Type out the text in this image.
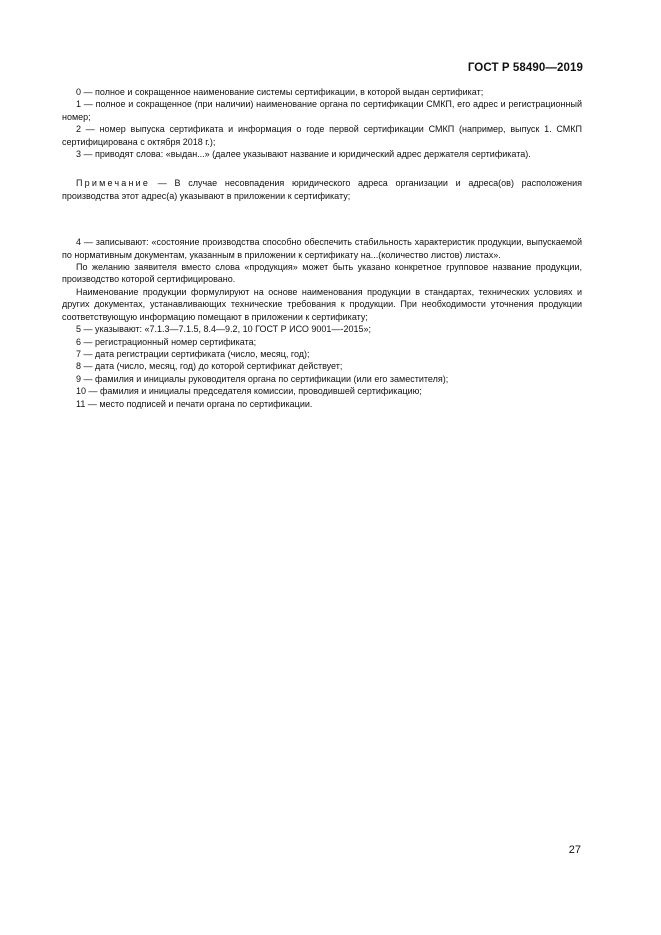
ГОСТ Р 58490—2019

0 — полное и сокращенное наименование системы сертификации, в которой выдан сертификат;

1 — полное и сокращенное (при наличии) наименование органа по сертификации СМКП, его адрес и регистрационный номер;

2 — номер выпуска сертификата и информация о годе первой сертификации СМКП (например, выпуск 1. СМКП сертифицирована с октября 2018 г.);

3 — приводят слова: «выдан...» (далее указывают название и юридический адрес держателя сертификата).

Примечание — В случае несовпадения юридического адреса организации и адреса(ов) расположения производства этот адрес(а) указывают в приложении к сертификату;

4 — записывают: «состояние производства способно обеспечить стабильность характеристик продукции, выпускаемой по нормативным документам, указанным в приложении к сертификату на...(количество листов) листах».

По желанию заявителя вместо слова «продукция» может быть указано конкретное групповое название продукции, производство которой сертифицировано.

Наименование продукции формулируют на основе наименования продукции в стандартах, технических условиях и других документах, устанавливающих технические требования к продукции. При необходимости уточнения продукции соответствующую информацию помещают в приложении к сертификату;

5 — указывают: «7.1.3—7.1.5, 8.4—9.2, 10 ГОСТ Р ИСО 9001—-2015»;

6 — регистрационный номер сертификата;

7 — дата регистрации сертификата (число, месяц, год);

8 — дата (число, месяц, год) до которой сертификат действует;

9 — фамилия и инициалы руководителя органа по сертификации (или его заместителя);

10 — фамилия и инициалы председателя комиссии, проводившей сертификацию;

11 — место подписей и печати органа по сертификации.

27
